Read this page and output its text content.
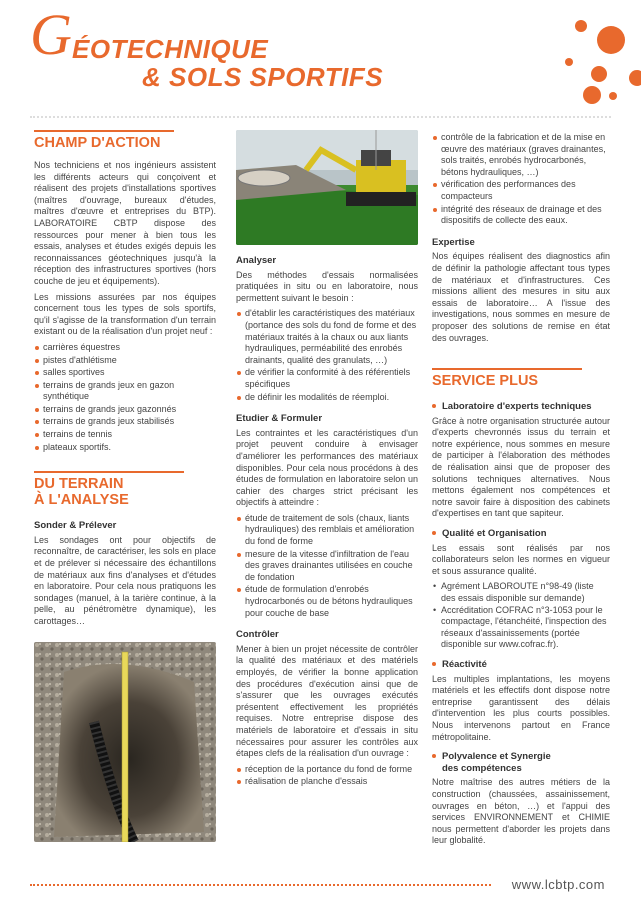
G ÉOTECHNIQUE
& SOLS SPORTIFS
CHAMP D'ACTION

Nos techniciens et nos ingénieurs assistent les différents acteurs qui conçoivent et réalisent des projets d'installations sportives (maîtres d'ouvrage, bureaux d'études, maîtres d'œuvre et entreprises du BTP). LABORATOIRE CBTP dispose des ressources pour mener à bien tous les essais, analyses et études exigés depuis les reconnaissances géotechniques jusqu'à la réception des infrastructures sportives (hors couche de jeu et équipements).

Les missions assurées par nos équipes concernent tous les types de sols sportifs, qu'il s'agisse de la transformation d'un terrain existant ou de la réalisation d'un projet neuf :

carrières équestres
pistes d'athlétisme
salles sportives
terrains de grands jeux en gazon synthétique
terrains de grands jeux gazonnés
terrains de grands jeux stabilisés
terrains de tennis
plateaux sportifs.
DU TERRAIN
À L'ANALYSE
Sonder & Prélever

Les sondages ont pour objectifs de reconnaître, de caractériser, les sols en place et de prélever si nécessaire des échantillons de matériaux aux fins d'analyses et d'études en laboratoire. Pour cela nous pratiquons les sondages (manuel, à la tarière continue, à la pelle, au pénétromètre dynamique), les carottages…

Analyser

Des méthodes d'essais normalisées pratiquées in situ ou en laboratoire, nous permettent suivant le besoin :

d'établir les caractéristiques des matériaux (portance des sols du fond de forme et des matériaux traités à la chaux ou aux liants hydrauliques, perméabilité des enrobés drainants, qualité des granulats, …)
de vérifier la conformité à des référentiels spécifiques
de définir les modalités de réemploi.
Etudier & Formuler

Les contraintes et les caractéristiques d'un projet peuvent conduire à envisager d'améliorer les performances des matériaux disponibles. Pour cela nous procédons à des études de formulation en laboratoire selon un cahier des charges strict précisant les objectifs à atteindre :

étude de traitement de sols (chaux, liants hydrauliques) des remblais et amélioration du fond de forme
mesure de la vitesse d'infiltration de l'eau des graves drainantes utilisées en couche de fondation
étude de formulation d'enrobés hydrocarbonés ou de bétons hydrauliques pour couche de base
Contrôler

Mener à bien un projet nécessite de contrôler la qualité des matériaux et des matériels employés, de vérifier la bonne application des procédures d'exécution ainsi que de s'assurer que les ouvrages exécutés présentent effectivement les propriétés requises. Notre entreprise dispose des matériels de laboratoire et d'essais in situ nécessaires pour assurer les contrôles aux étapes clefs de la réalisation d'un ouvrage :

réception de la portance du fond de forme
réalisation de planche d'essais
contrôle de la fabrication et de la mise en œuvre des matériaux (graves drainantes, sols traités, enrobés hydrocarbonés, bétons hydrauliques, …)
vérification des performances des compacteurs
intégrité des réseaux de drainage et des dispositifs de collecte des eaux.
Expertise

Nos équipes réalisent des diagnostics afin de définir la pathologie affectant tous types de matériaux et d'infrastructures. Ces missions allient des mesures in situ aux essais de laboratoire… A l'issue des investigations, nous sommes en mesure de proposer des solutions de remise en état des ouvrages.

SERVICE PLUS
Laboratoire d'experts techniques

Grâce à notre organisation structurée autour d'experts chevronnés issus du terrain et notre expérience, nous sommes en mesure de participer à l'élaboration des méthodes de réalisation ainsi que de proposer des solutions techniques alternatives. Nous mettons également nos compétences et notre savoir faire à disposition des cabinets d'expertises en tant que sapiteur.

Qualité et Organisation

Les essais sont réalisés par nos collaborateurs selon les normes en vigueur et sous assurance qualité.

• Agrément LABOROUTE n°98-49 (liste des essais disponible sur demande)
• Accréditation COFRAC n°3-1053 pour le compactage, l'étanchéité, l'inspection des réseaux d'assainissements (portée disponible sur www.cofrac.fr).
Réactivité

Les multiples implantations, les moyens matériels et les effectifs dont dispose notre entreprise garantissent des délais d'intervention les plus courts possibles. Nous intervenons partout en France métropolitaine.

Polyvalence et Synergie
des compétences

Notre maîtrise des autres métiers de la construction (chaussées, assainissement, ouvrages en béton, …) et l'appui des services ENVIRONNEMENT et CHIMIE nous permettent d'aborder les projets dans leur globalité.

www.lcbtp.com
